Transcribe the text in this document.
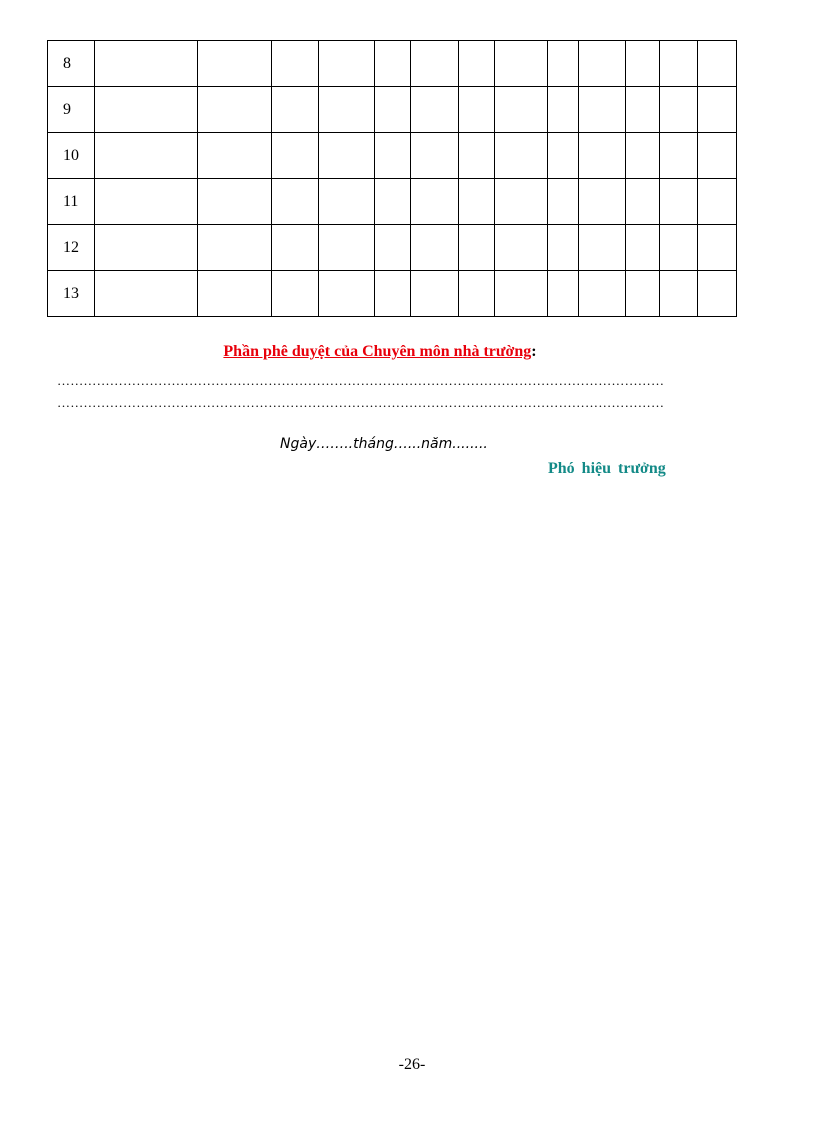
8													
9													
10													
11													
12													
13													
Phần phê duyệt của Chuyên môn nhà trường:
…………………………………………………………………………………………………………………………
…………………………………………………………………………………………………………………………
Ngày……..tháng…...năm........
Phó hiệu trưởng
-26-
